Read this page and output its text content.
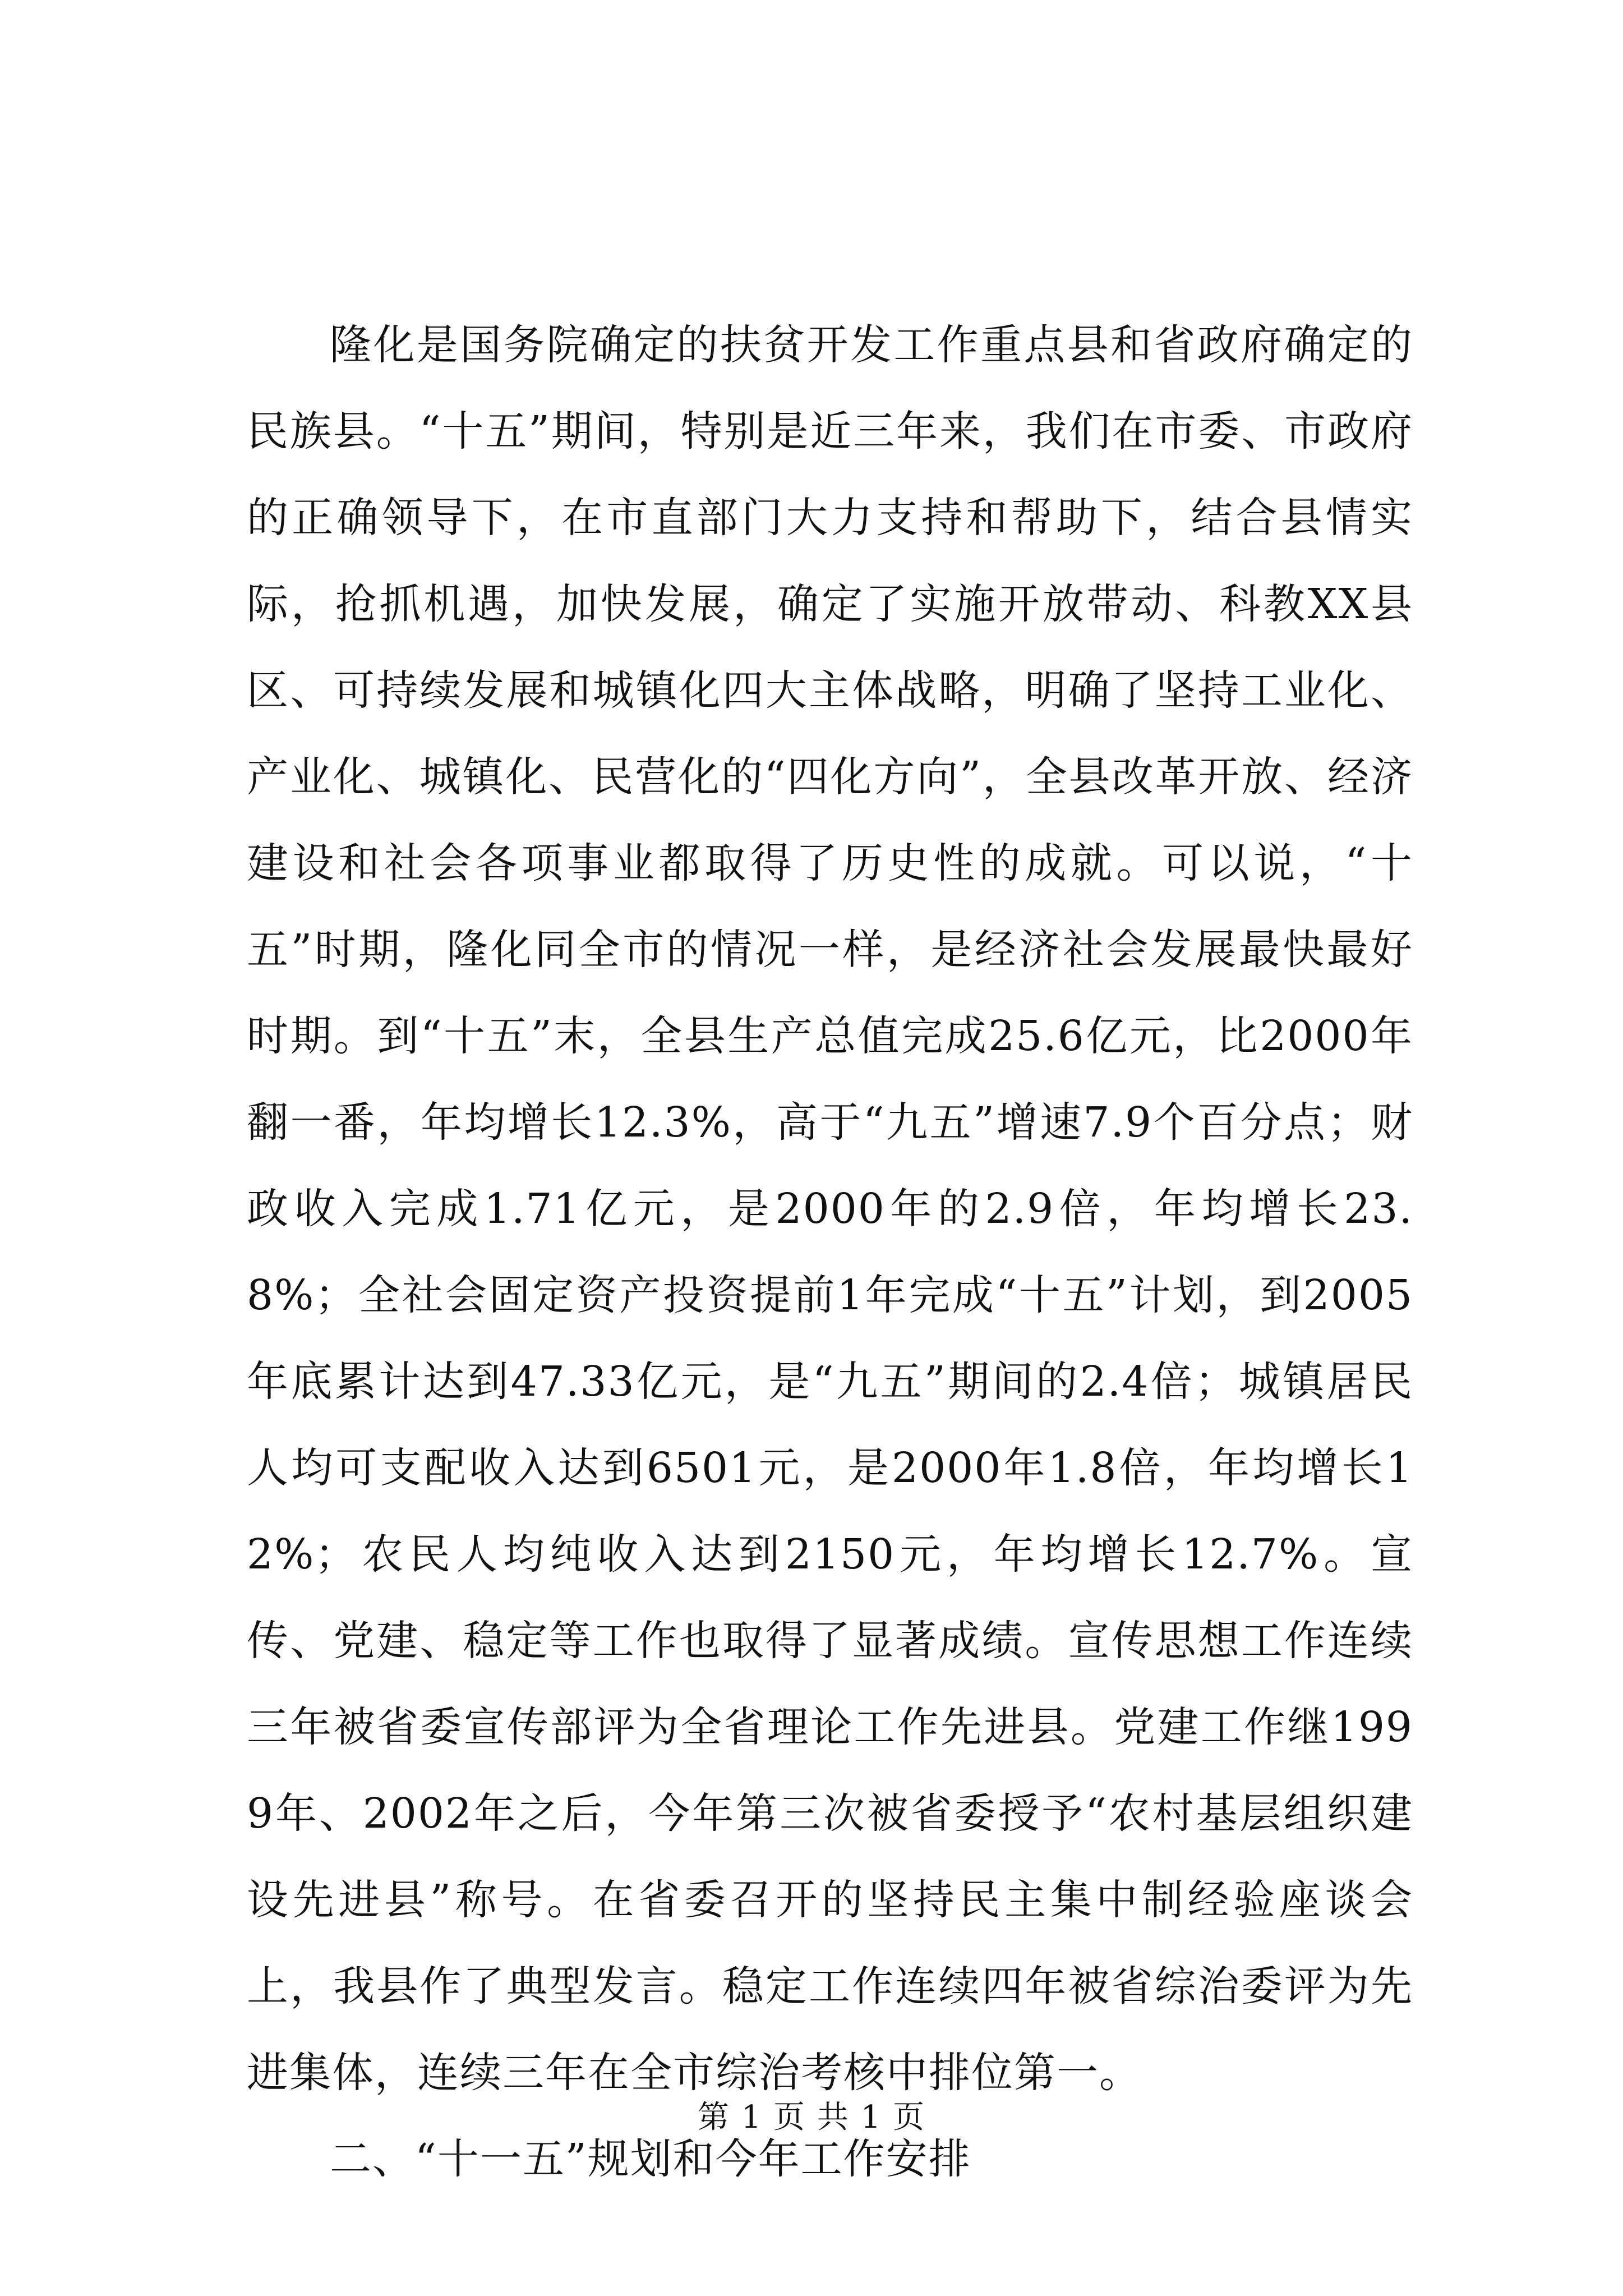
隆化是国务院确定的扶贫开发工作重点县和省政府确定的民族县。“十五”期间，特别是近三年来，我们在市委、市政府的正确领导下，在市直部门大力支持和帮助下，结合县情实际，抢抓机遇，加快发展，确定了实施开放带动、科教XX县区、可持续发展和城镇化四大主体战略，明确了坚持工业化、产业化、城镇化、民营化的“四化方向”，全县改革开放、经济建设和社会各项事业都取得了历史性的成就。可以说，“十五”时期，隆化同全市的情况一样，是经济社会发展最快最好时期。到“十五”末，全县生产总值完成25.6亿元，比2000年翻一番，年均增长12.3%，高于“九五”增速7.9个百分点；财政收入完成1.71亿元，是2000年的2.9倍，年均增长23.8%；全社会固定资产投资提前1年完成“十五”计划，到2005年底累计达到47.33亿元，是“九五”期间的2.4倍；城镇居民人均可支配收入达到6501元，是2000年1.8倍，年均增长12%；农民人均纯收入达到2150元，年均增长12.7%。宣传、党建、稳定等工作也取得了显著成绩。宣传思想工作连续三年被省委宣传部评为全省理论工作先进县。党建工作继1999年、2002年之后，今年第三次被省委授予“农村基层组织建设先进县”称号。在省委召开的坚持民主集中制经验座谈会上，我县作了典型发言。稳定工作连续四年被省综治委评为先进集体，连续三年在全市综治考核中排位第一。

二、“十一五”规划和今年工作安排

第 1 页 共 1 页
